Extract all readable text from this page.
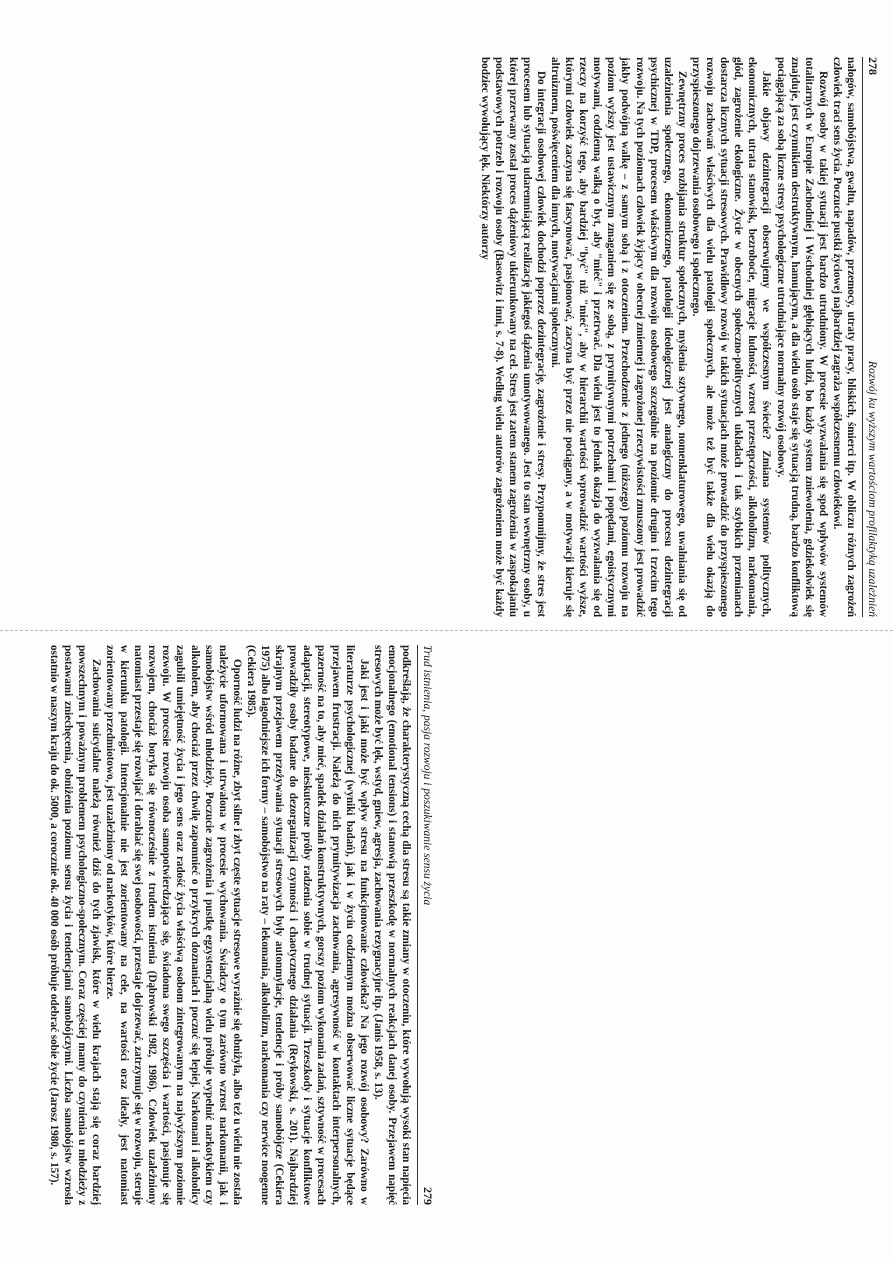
278
Rozwój ku wyższym wartościom profilaktyką uzależnień

nałogów, samobójstwa, gwałtu, napadów, przemocy, utraty pracy, bliskich, śmierci itp. W obliczu różnych zagrożeń człowiek traci sens życia. Poczucie pustki życiowej najbardziej zagraża współczesnemu człowiekowi.

Rozwój osoby w takiej sytuacji jest bardzo utrudniony. W procesie wyzwalania się spod wpływów systemów totalitarnych w Europie Zachodniej i Wschodniej głębiących ludzi, bo każdy system zniewolenia, gdziekolwiek się znajduje, jest czynnikiem destruktywnym, hamującym, a dla wielu osób staje się sytuacją trudną, bardzo konfliktową pociągającą za sobą liczne stresy psychologiczne utrudniające normalny rozwój osobowy.

Jakie objawy dezintegracji obserwujemy we współczesnym świecie? Zmiana systemów politycznych, ekonomicznych, utrata stanowisk, bezrobocie, migracje ludności, wzrost przestępczości, alkoholizm, narkomania, głód, zagrożenie ekologiczne. Życie w obecnych społeczno-politycznych układach i tak szybkich przemianach dostarcza licznych sytuacji stresowych. Prawidłowy rozwój w takich sytuacjach może prowadzić do przyspieszonego rozwoju zachowań właściwych dla wielu patologii społecznych, ale może też być także dla wielu okazją do przyspieszonego dojrzewania osobowego i społecznego.

Zewnętrzny proces rozbijania struktur społecznych, myślenia sztywnego, nomenklaturowego, uwalniania się od uzależnienia społecznego, ekonomicznego, patologii ideologicznej jest analogiczny do procesu dezintegracji psychicznej w TDP, procesem właściwym dla rozwoju osobowego szczególnie na poziomie drugim i trzecim tego rozwoju. Na tych poziomach człowiek żyjący w obecnej zmiennej i zagrożonej rzeczywistości zmuszony jest prowadzić jakby podwójną walkę – z samym sobą i z otoczeniem. Przechodzenie z jednego (niższego) poziomu rozwoju na poziom wyższy jest ustawicznym zmaganiem się ze sobą, z prymitywnymi potrzebami i popędami, egoistycznymi motywami, codzienną walką o byt, aby "mieć" i przetrwać. Dla wielu jest to jednak okazja do wyzwalania się od rzeczy na korzyść tego, aby bardziej "być" niż "mieć", aby w hierarchii wartości wprowadzić wartości wyższe, którymi człowiek zaczyna się fascynować, pasjonować, zaczyna być przez nie pociągany, a w motywacji kieruje się altruizmem, poświęceniem dla innych, motywacjami społecznymi.

Do integracji osobowej człowiek dochodzi poprzez dezintegrację, zagrożenie i stresy. Przypomnijmy, że stres jest procesem lub sytuacją udaremniającą realizację jakiegoś dążenia umotywowanego. Jest to stan wewnętrzny osoby, u której przerwany został proces dążeniowy ukierunkowany na cel. Stres jest zatem stanem zagrożenia w zaspokajaniu podstawowych potrzeb i rozwoju osoby (Basowitz i inni, s. 7-8). Według wielu autorów zagrożeniem może być każdy bodziec wywołujący lęk. Niektórzy autorzy

Trud istnienia, pasja rozwoju i poszukiwanie sensu życia
279

podkreślają, że charakterystyczną cechą dla stresu są takie zmiany w otoczeniu, które wywołują wysoki stan napięcia emocjonalnego (emotional tensions) i stanowią przeszkodę w normalnych reakcjach danej osoby. Przejawem napięć stresowych może być lęk, wstyd, gniew, agresja, zachowania rezygnacyjne itp. (Janis 1958, s. 13).

Jaki jest i jaki może być wpływ stresu na funkcjonowanie człowieka? Na jego rozwój osobowy? Zarówno w literaturze psychologicznej (wyniki badań), jak i w życiu codziennym można obserwować liczne sytuacje będące przejawem frustracji. Należą do nich prymitywizacja zachowania, agresywność w kontaktach interpersonalnych, pazerność na to, aby mieć, spadek działań konstruktywnych, gorszy poziom wykonania zadań, sztywność w procesach adaptacji, stereotypowe, nieskuteczne próby radzenia sobie w trudnej sytuacji. Trzeszkody i sytuacje konfliktowe prowadziły osoby badane do dezorganizacji czynności i chaotycznego działania (Reykowski, s. 201). Najbardziej skrajnym przejawem przeżywania sytuacji stresowych były autonmylacje, tendencje i próby samobójcze (Cekiera 1975) albo łagodniejsze ich formy – samobójstwo na raty – lekomania, alkoholizm, narkomania czy nerwice noogenne (Cekiera 1985).

Oporność ludzi na różne, zbyt silne i zbyt częste sytuacje stresowe wyraźnie się obniżyła, albo też u wielu nie została należycie uformowana i utrwalona w procesie wychowania. Świadczy o tym zarówno wzrost narkomanii, jak i samobójstw wśród młodzieży. Poczucie zagrożenia i pustkę egzystencjalną wielu próbuje wypełnić narkotykiem czy alkoholem, aby chociaż przez chwilę zapomnieć o przykrych doznaniach i poczuć się lepiej. Narkomani i alkoholicy zagubili umiejętność życia i jego sens oraz radość życia właściwą osobom zintegrowanym na najwyższym poziomie rozwoju. W procesie rozwoju osoba samopotwierdzająca się, świadoma swego szczęścia i wartości, pasjonuje się rozwojem, chociaż boryka się równocześnie z trudem istnienia (Dąbrowski 1982, 1986). Człowiek uzależniony natomiast przestaje się rozwijać i dorabiać się swej osobowości, przestaje dojrzewać, zatrzymuje się w rozwoju, steruje w kierunku patologii. Intencjonalnie nie jest zorientowany na cele, na wartości oraz ideały, jest natomiast zorientowany przedmiotowo, jest uzależniony od narkotyków, które bierze.

Zachowania suicydalne należą również dziś do tych zjawisk, które w wielu krajach stają się coraz bardziej powszechnym i poważnym problemem psychologiczno-społecznym. Coraz częściej mamy do czynienia u młodzieży z postawami zniechęcenia, obniżenia poziomu sensu życia i tendencjami samobójczymi. Liczba samobójstw wzrosła ostatnio w naszym kraju do ok. 5000, a corocznie ok. 40 000 osób próbuje odebrać sobie życie (Jarosz 1980, s. 157).
